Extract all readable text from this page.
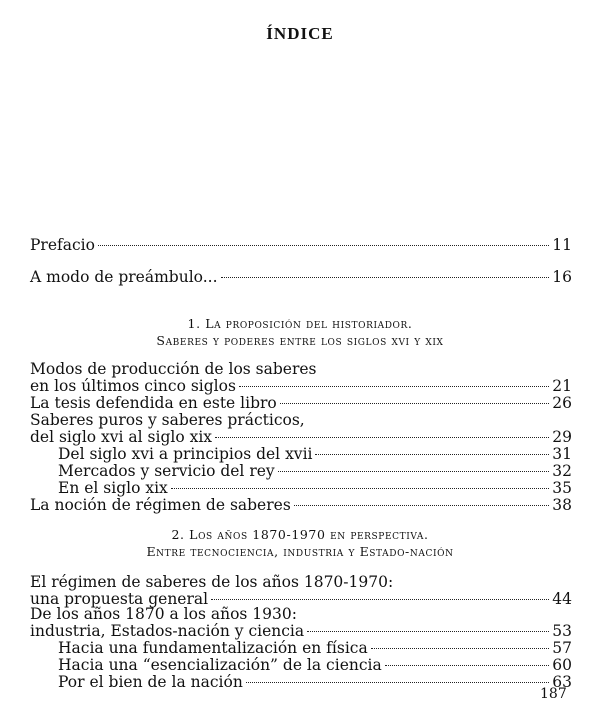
ÍNDICE
Prefacio	11
A modo de preámbulo...	16
1. La proposición del historiador.
Saberes y poderes entre los siglos xvi y xix
Modos de producción de los saberes
en los últimos cinco siglos	21
La tesis defendida en este libro	26
Saberes puros y saberes prácticos,
del siglo xvi al siglo xix	29
Del siglo xvi a principios del xvii	31
Mercados y servicio del rey	32
En el siglo xix	35
La noción de régimen de saberes	38
2. Los años 1870-1970 en perspectiva.
Entre tecnociencia, industria y Estado-nación
El régimen de saberes de los años 1870-1970:
una propuesta general	44
De los años 1870 a los años 1930:
industria, Estados-nación y ciencia	53
Hacia una fundamentalización en física	57
Hacia una “esencialización” de la ciencia	60
Por el bien de la nación	63
187
